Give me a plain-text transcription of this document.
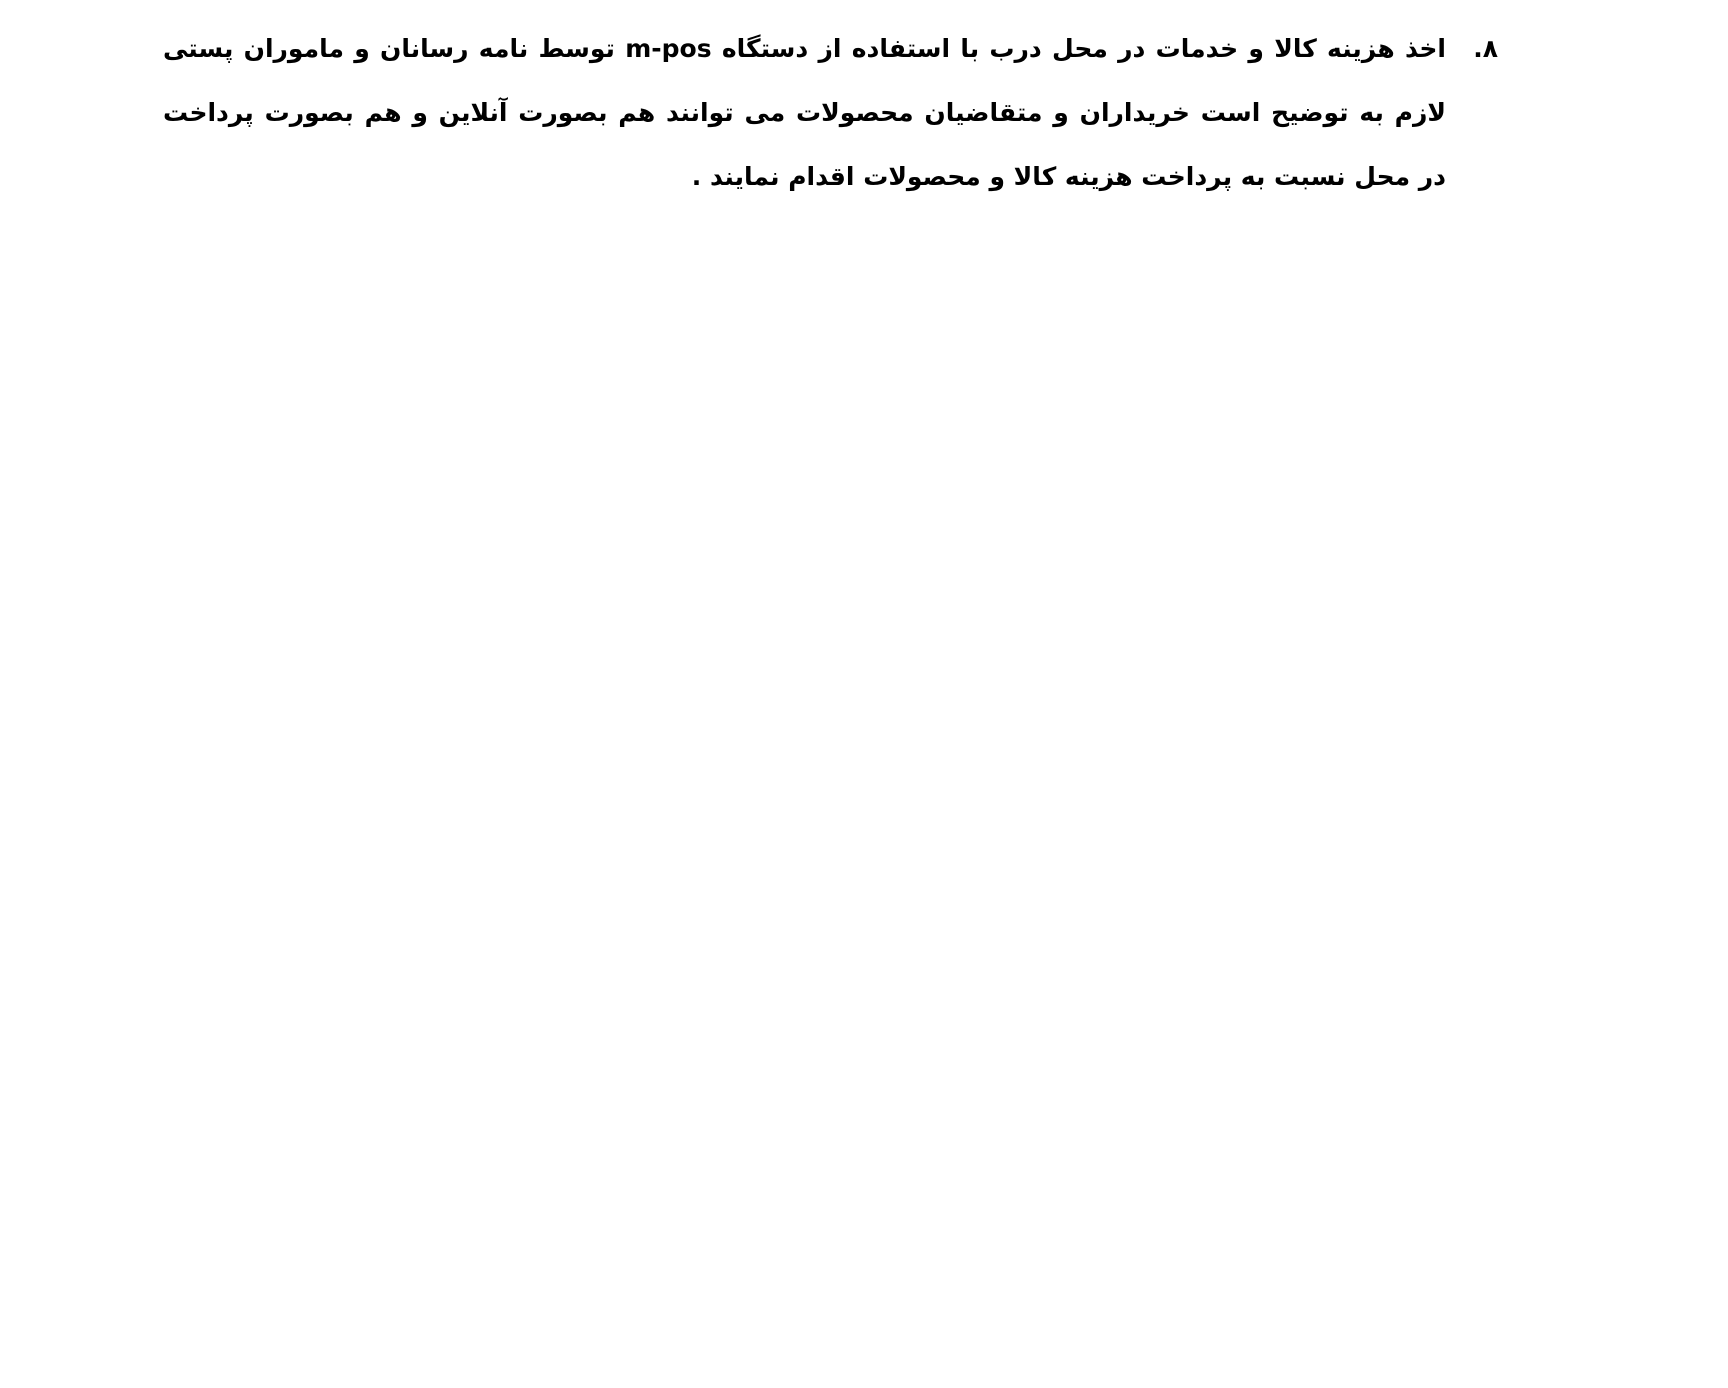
۸.
اخذ هزینه کالا و خدمات در محل درب با استفاده از دستگاه m-pos توسط نامه رسانان و ماموران پستی
لازم به توضیح است خریداران و متقاضیان محصولات می توانند هم بصورت آنلاین و هم بصورت پرداخت
در محل نسبت به پرداخت هزینه کالا و محصولات اقدام نمایند .
